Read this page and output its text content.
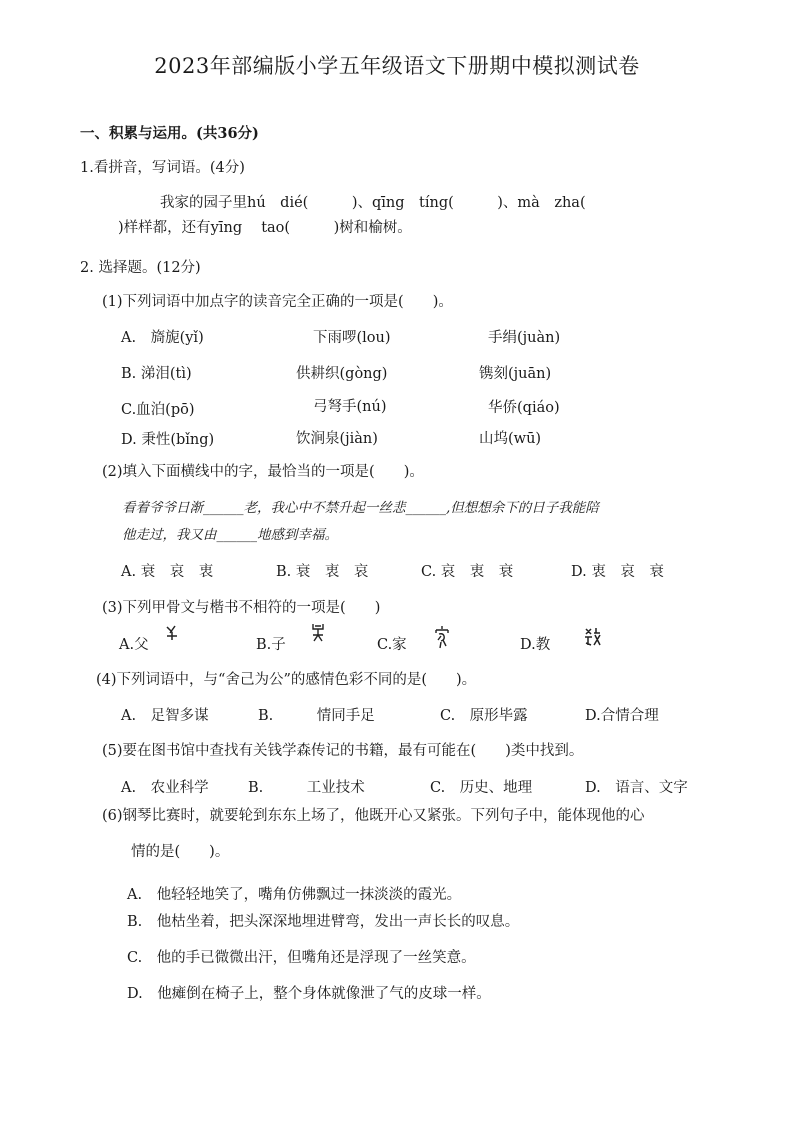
2023年部编版小学五年级语文下册期中模拟测试卷
一、积累与运用。(共36分)
1.看拼音，写词语。(4分)
我家的园子里hú　dié(　　　)、qīng　tíng(　　　)、mà　zha(
)样样都，还有yīng　 tao(　　　)树和榆树。
2. 选择题。(12分)
(1)下列词语中加点字的读音完全正确的一项是(　　)。
A.　旖旎(yǐ)	下雨啰(lou)	手绢(juàn)
B. 涕泪(tì)	供耕织(gòng)	镌刻(juān)
C.血泊(pō)	弓弩手(nú)	华侨(qiáo)
D. 秉性(bǐng)	饮涧泉(jiàn)	山坞(wū)
(2)填入下面横线中的字，最恰当的一项是(　　)。
看着爷爷日渐______老，我心中不禁升起一丝悲______,但想想余下的日子我能陪
他走过，我又由______地感到幸福。
A. 衰　哀　衷	B. 衰　衷　哀	C. 哀　衷　衰	D. 衷　哀　衰
(3)下列甲骨文与楷书不相符的一项是(　　)
A.父	B.子	C.家	D.教
(4)下列词语中，与“舍己为公”的感情色彩不同的是(　　)。
A.　足智多谋	B.　　　情同手足	C.　原形毕露	D.合情合理
(5)要在图书馆中查找有关钱学森传记的书籍，最有可能在(　　)类中找到。
A.　农业科学	B.　　　工业技术	C.　历史、地理	D.　语言、文字
(6)钢琴比赛时，就要轮到东东上场了，他既开心又紧张。下列句子中，能体现他的心
情的是(　　)。
A.　他轻轻地笑了，嘴角仿佛飘过一抹淡淡的霞光。
B.　他枯坐着，把头深深地埋进臂弯，发出一声长长的叹息。
C.　他的手已微微出汗，但嘴角还是浮现了一丝笑意。
D.　他瘫倒在椅子上，整个身体就像泄了气的皮球一样。
